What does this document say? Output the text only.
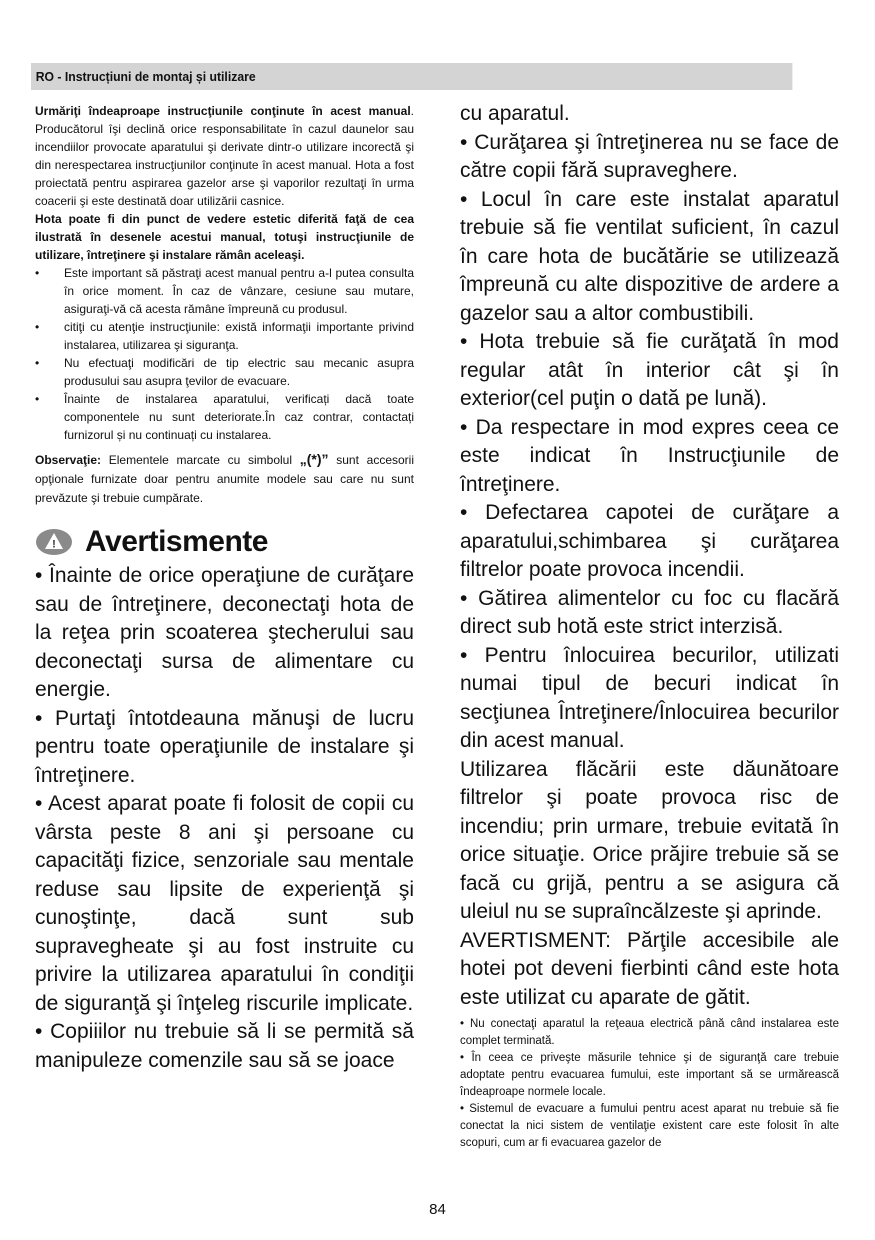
RO - Instrucțiuni de montaj și utilizare

Urmăriţi îndeaproape instrucţiunile conţinute în acest manual. Producătorul îşi declină orice responsabilitate în cazul daunelor sau incendiilor provocate aparatului şi derivate dintr-o utilizare incorectă şi din nerespectarea instrucţiunilor conţinute în acest manual. Hota a fost proiectată pentru aspirarea gazelor arse şi vaporilor rezultaţi în urma coacerii şi este destinată doar utilizării casnice.

Hota poate fi din punct de vedere estetic diferită faţă de cea ilustrată în desenele acestui manual, totuşi instrucţiunile de utilizare, întreţinere şi instalare rămân aceleaşi.

• Este important să păstraţi acest manual pentru a-l putea consulta în orice moment. În caz de vânzare, cesiune sau mutare, asiguraţi-vă că acesta rămâne împreună cu produsul.
• citiţi cu atenţie instrucţiunile: există informaţii importante privind instalarea, utilizarea şi siguranţa.
• Nu efectuaţi modificări de tip electric sau mecanic asupra produsului sau asupra ţevilor de evacuare.
• Înainte de instalarea aparatului, verificați dacă toate componentele nu sunt deteriorate.În caz contrar, contactați furnizorul și nu continuați cu instalarea.

Observaţie: Elementele marcate cu simbolul „(*)” sunt accesorii opţionale furnizate doar pentru anumite modele sau care nu sunt prevăzute şi trebuie cumpărate.

! Avertismente

• Înainte de orice operaţiune de curăţare sau de întreţinere, deconectaţi hota de la reţea prin scoaterea ştecherului sau deconectaţi sursa de alimentare cu energie.

• Purtaţi întotdeauna mănuşi de lucru pentru toate operaţiunile de instalare şi întreţinere.

• Acest aparat poate fi folosit de copii cu vârsta peste 8 ani şi persoane cu capacităţi fizice, senzoriale sau mentale reduse sau lipsite de experienţă şi cunoştinţe, dacă sunt sub supravegheate şi au fost instruite cu privire la utilizarea aparatului în condiţii de siguranţă şi înţeleg riscurile implicate.

• Copiiilor nu trebuie să li se permită să manipuleze comenzile sau să se joace

cu aparatul.

• Curăţarea şi întreţinerea nu se face de către copii fără supraveghere.

• Locul în care este instalat aparatul trebuie să fie ventilat suficient, în cazul în care hota de bucătărie se utilizează împreună cu alte dispozitive de ardere a gazelor sau a altor combustibili.

• Hota trebuie să fie curăţată în mod regular atât în interior cât şi în exterior(cel puţin o dată pe lună).

• Da respectare in mod expres ceea ce este indicat în Instrucţiunile de întreţinere.

• Defectarea capotei de curăţare a aparatului,schimbarea şi curăţarea filtrelor poate provoca incendii.

• Gătirea alimentelor cu foc cu flacără direct sub hotă este strict interzisă.

• Pentru înlocuirea becurilor, utilizati numai tipul de becuri indicat în secţiunea Întreţinere/Înlocuirea becurilor din acest manual.

Utilizarea flăcării este dăunătoare filtrelor şi poate provoca risc de incendiu; prin urmare, trebuie evitată în orice situaţie. Orice prăjire trebuie să se facă cu grijă, pentru a se asigura că uleiul nu se supraîncălzeste şi aprinde.

AVERTISMENT: Părţile accesibile ale hotei pot deveni fierbinti când este hota este utilizat cu aparate de gătit.

• Nu conectaţi aparatul la reţeaua electrică până când instalarea este complet terminată.

• În ceea ce priveşte măsurile tehnice şi de siguranţă care trebuie adoptate pentru evacuarea fumului, este important să se urmărească îndeaproape normele locale.

• Sistemul de evacuare a fumului pentru acest aparat nu trebuie să fie conectat la nici sistem de ventilaţie existent care este folosit în alte scopuri, cum ar fi evacuarea gazelor de

84
